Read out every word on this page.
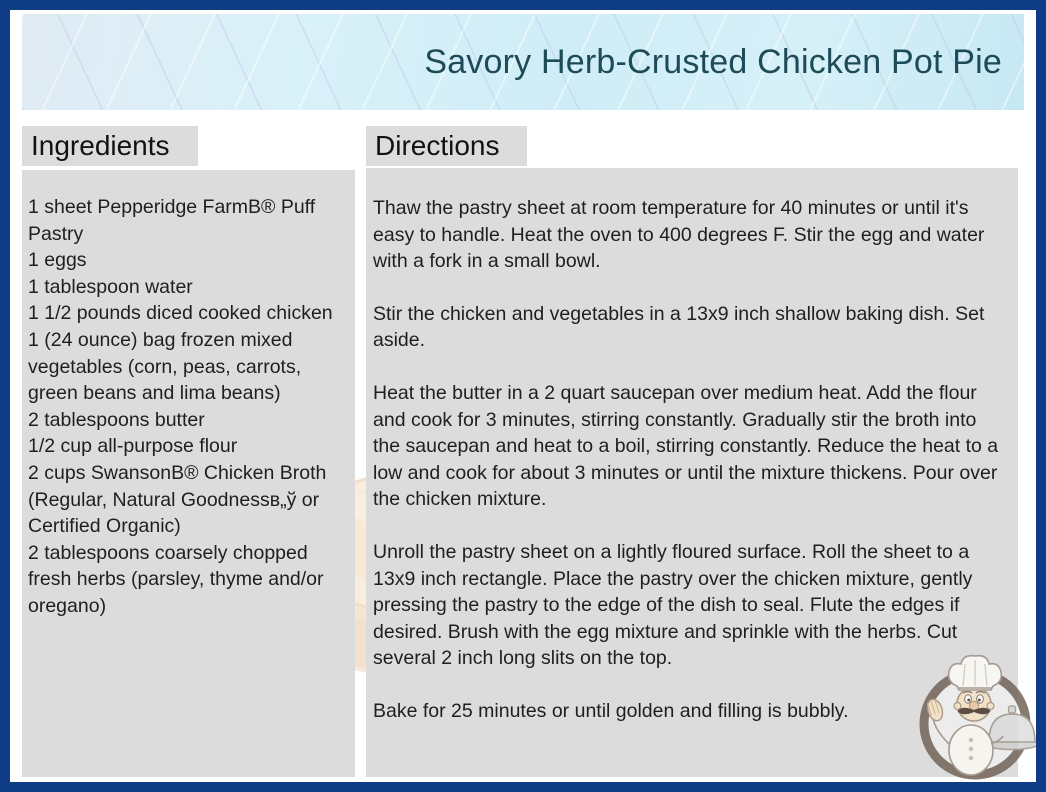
Savory Herb-Crusted Chicken Pot Pie
Ingredients
1 sheet Pepperidge FarmB® Puff Pastry
1 eggs
1 tablespoon water
1 1/2 pounds diced cooked chicken
1 (24 ounce) bag frozen mixed vegetables (corn, peas, carrots, green beans and lima beans)
2 tablespoons butter
1/2 cup all-purpose flour
2 cups SwansonB® Chicken Broth (Regular, Natural Goodnessв„ў or Certified Organic)
2 tablespoons coarsely chopped fresh herbs (parsley, thyme and/or oregano)
Directions

Thaw the pastry sheet at room temperature for 40 minutes or until it's easy to handle. Heat the oven to 400 degrees F. Stir the egg and water with a fork in a small bowl.

Stir the chicken and vegetables in a 13x9 inch shallow baking dish. Set aside.

Heat the butter in a 2 quart saucepan over medium heat. Add the flour and cook for 3 minutes, stirring constantly. Gradually stir the broth into the saucepan and heat to a boil, stirring constantly. Reduce the heat to a low and cook for about 3 minutes or until the mixture thickens. Pour over the chicken mixture.

Unroll the pastry sheet on a lightly floured surface. Roll the sheet to a 13x9 inch rectangle. Place the pastry over the chicken mixture, gently pressing the pastry to the edge of the dish to seal. Flute the edges if desired. Brush with the egg mixture and sprinkle with the herbs. Cut several 2 inch long slits on the top.

Bake for 25 minutes or until golden and filling is bubbly.
